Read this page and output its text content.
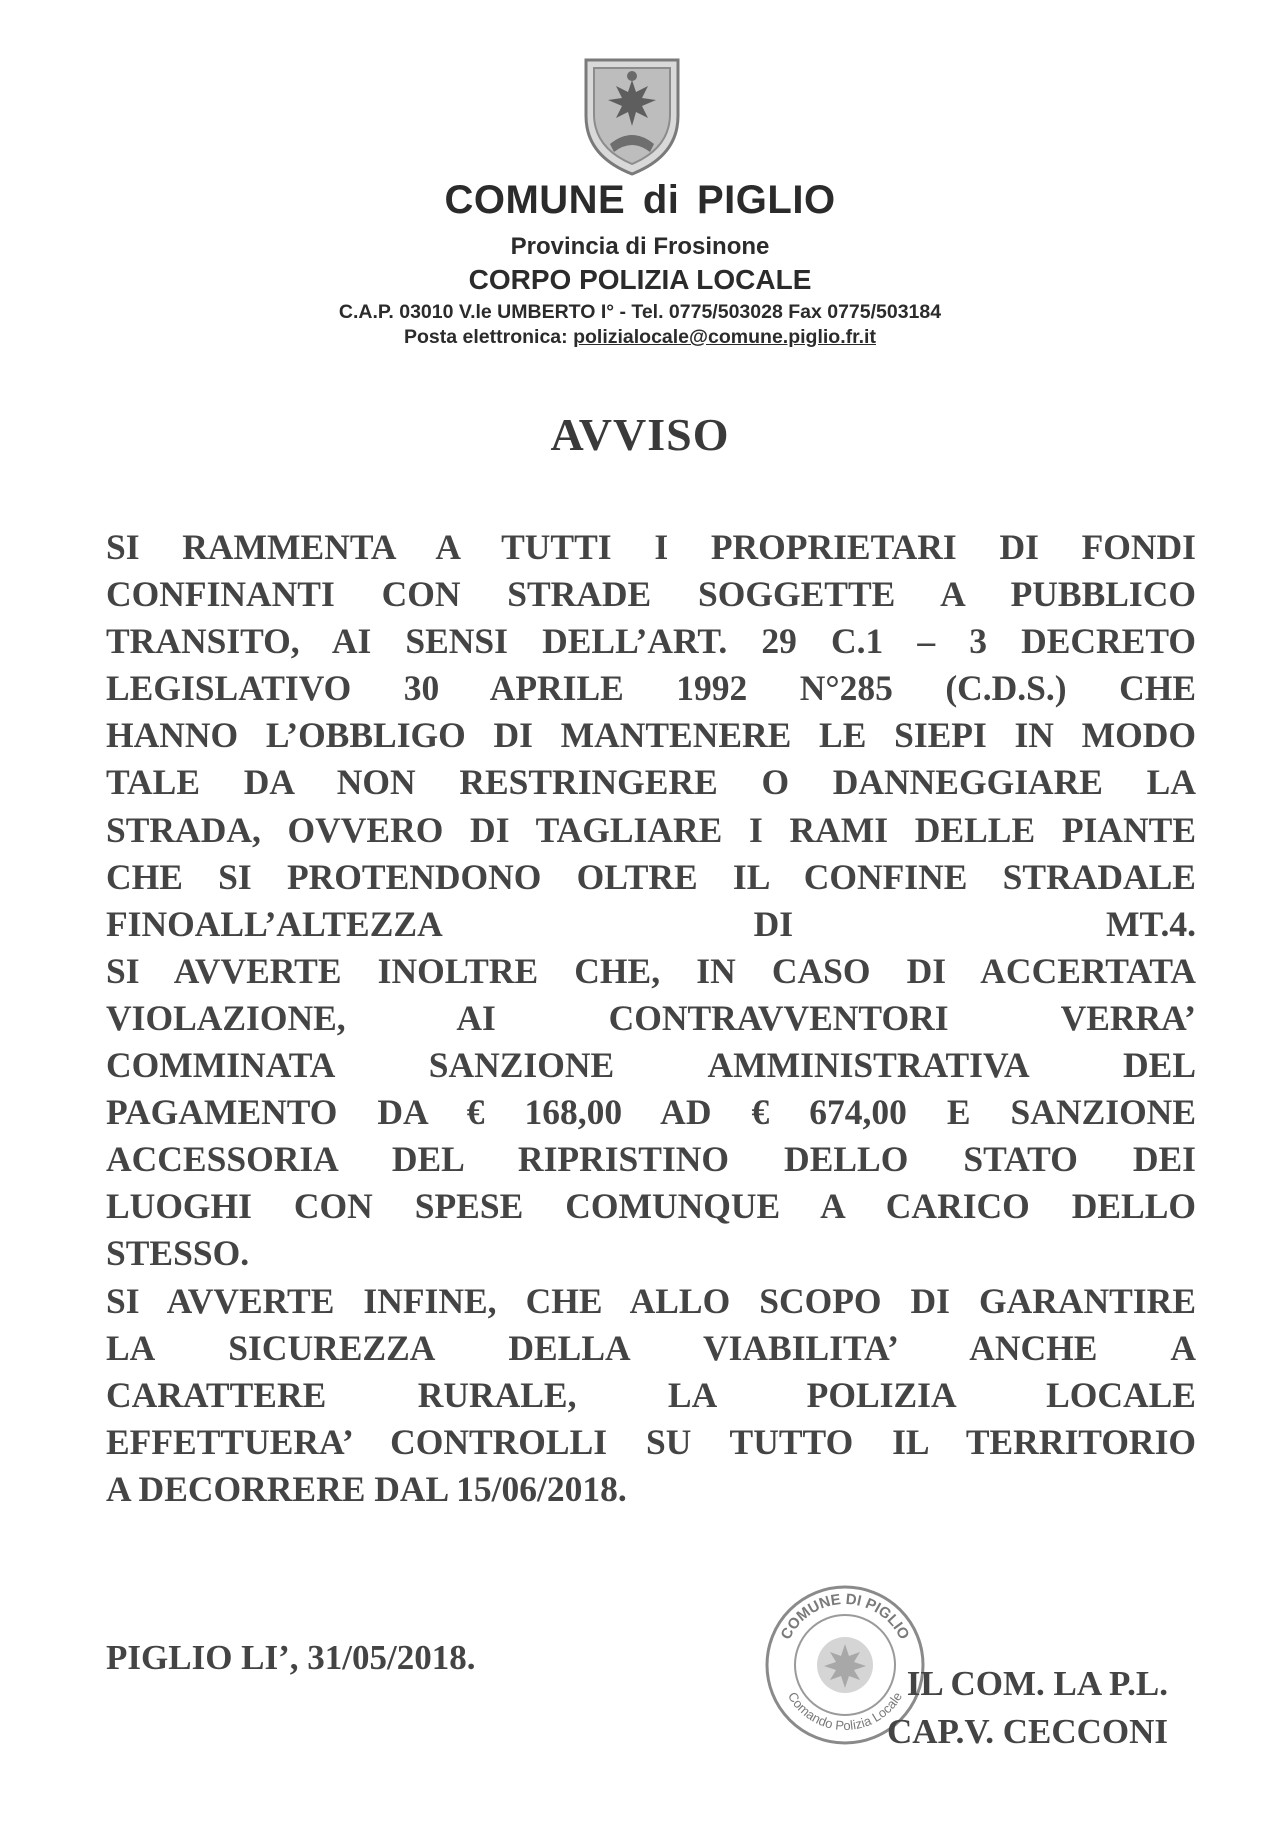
COMUNE di PIGLIO
Provincia di Frosinone
CORPO POLIZIA LOCALE
C.A.P. 03010 V.le UMBERTO I° - Tel. 0775/503028 Fax 0775/503184
Posta elettronica: polizialocale@comune.piglio.fr.it
AVVISO
SI RAMMENTA A TUTTI I PROPRIETARI DI FONDI
CONFINANTI CON STRADE SOGGETTE A PUBBLICO
TRANSITO, AI SENSI DELL’ART. 29 C.1 – 3 DECRETO
LEGISLATIVO 30 APRILE 1992 N°285 (C.D.S.) CHE
HANNO L’OBBLIGO DI MANTENERE LE SIEPI IN MODO
TALE DA NON RESTRINGERE O DANNEGGIARE LA
STRADA, OVVERO DI TAGLIARE I RAMI DELLE PIANTE
CHE SI PROTENDONO OLTRE IL CONFINE STRADALE
FINOALL’ALTEZZA DI MT.4.
SI AVVERTE INOLTRE CHE, IN CASO DI ACCERTATA
VIOLAZIONE, AI CONTRAVVENTORI VERRA’
COMMINATA SANZIONE AMMINISTRATIVA DEL
PAGAMENTO DA € 168,00 AD € 674,00 E SANZIONE
ACCESSORIA DEL RIPRISTINO DELLO STATO DEI
LUOGHI CON SPESE COMUNQUE A CARICO DELLO
STESSO.
SI AVVERTE INFINE, CHE ALLO SCOPO DI GARANTIRE
LA SICUREZZA DELLA VIABILITA’ ANCHE A
CARATTERE RURALE, LA POLIZIA LOCALE
EFFETTUERA’ CONTROLLI SU TUTTO IL TERRITORIO
A DECORRERE DAL 15/06/2018.
PIGLIO LI’, 31/05/2018.
COMUNE DI PIGLIO
Comando Polizia Locale IL COM. LA P.L.
CAP.V. CECCONI
